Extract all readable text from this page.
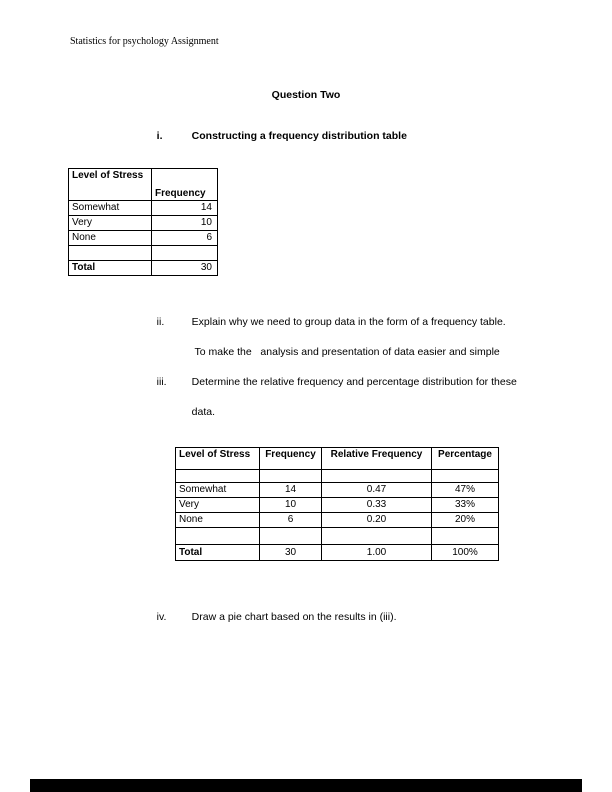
Statistics for psychology Assignment
Question Two

i.	Constructing a frequency distribution table

Level of Stress	Frequency
Somewhat	14
Very	10
None	6

Total	30

ii.	Explain why we need to group data in the form of a frequency table.

To make the   analysis and presentation of data easier and simple

iii. Determine the relative frequency and percentage distribution for these

data.

Level of Stress	Frequency	Relative Frequency	Percentage

Somewhat	14	0.47	47%
Very	10	0.33	33%
None	6	0.20	20%

Total	30	1.00	100%

iv. Draw a pie chart based on the results in (iii).
